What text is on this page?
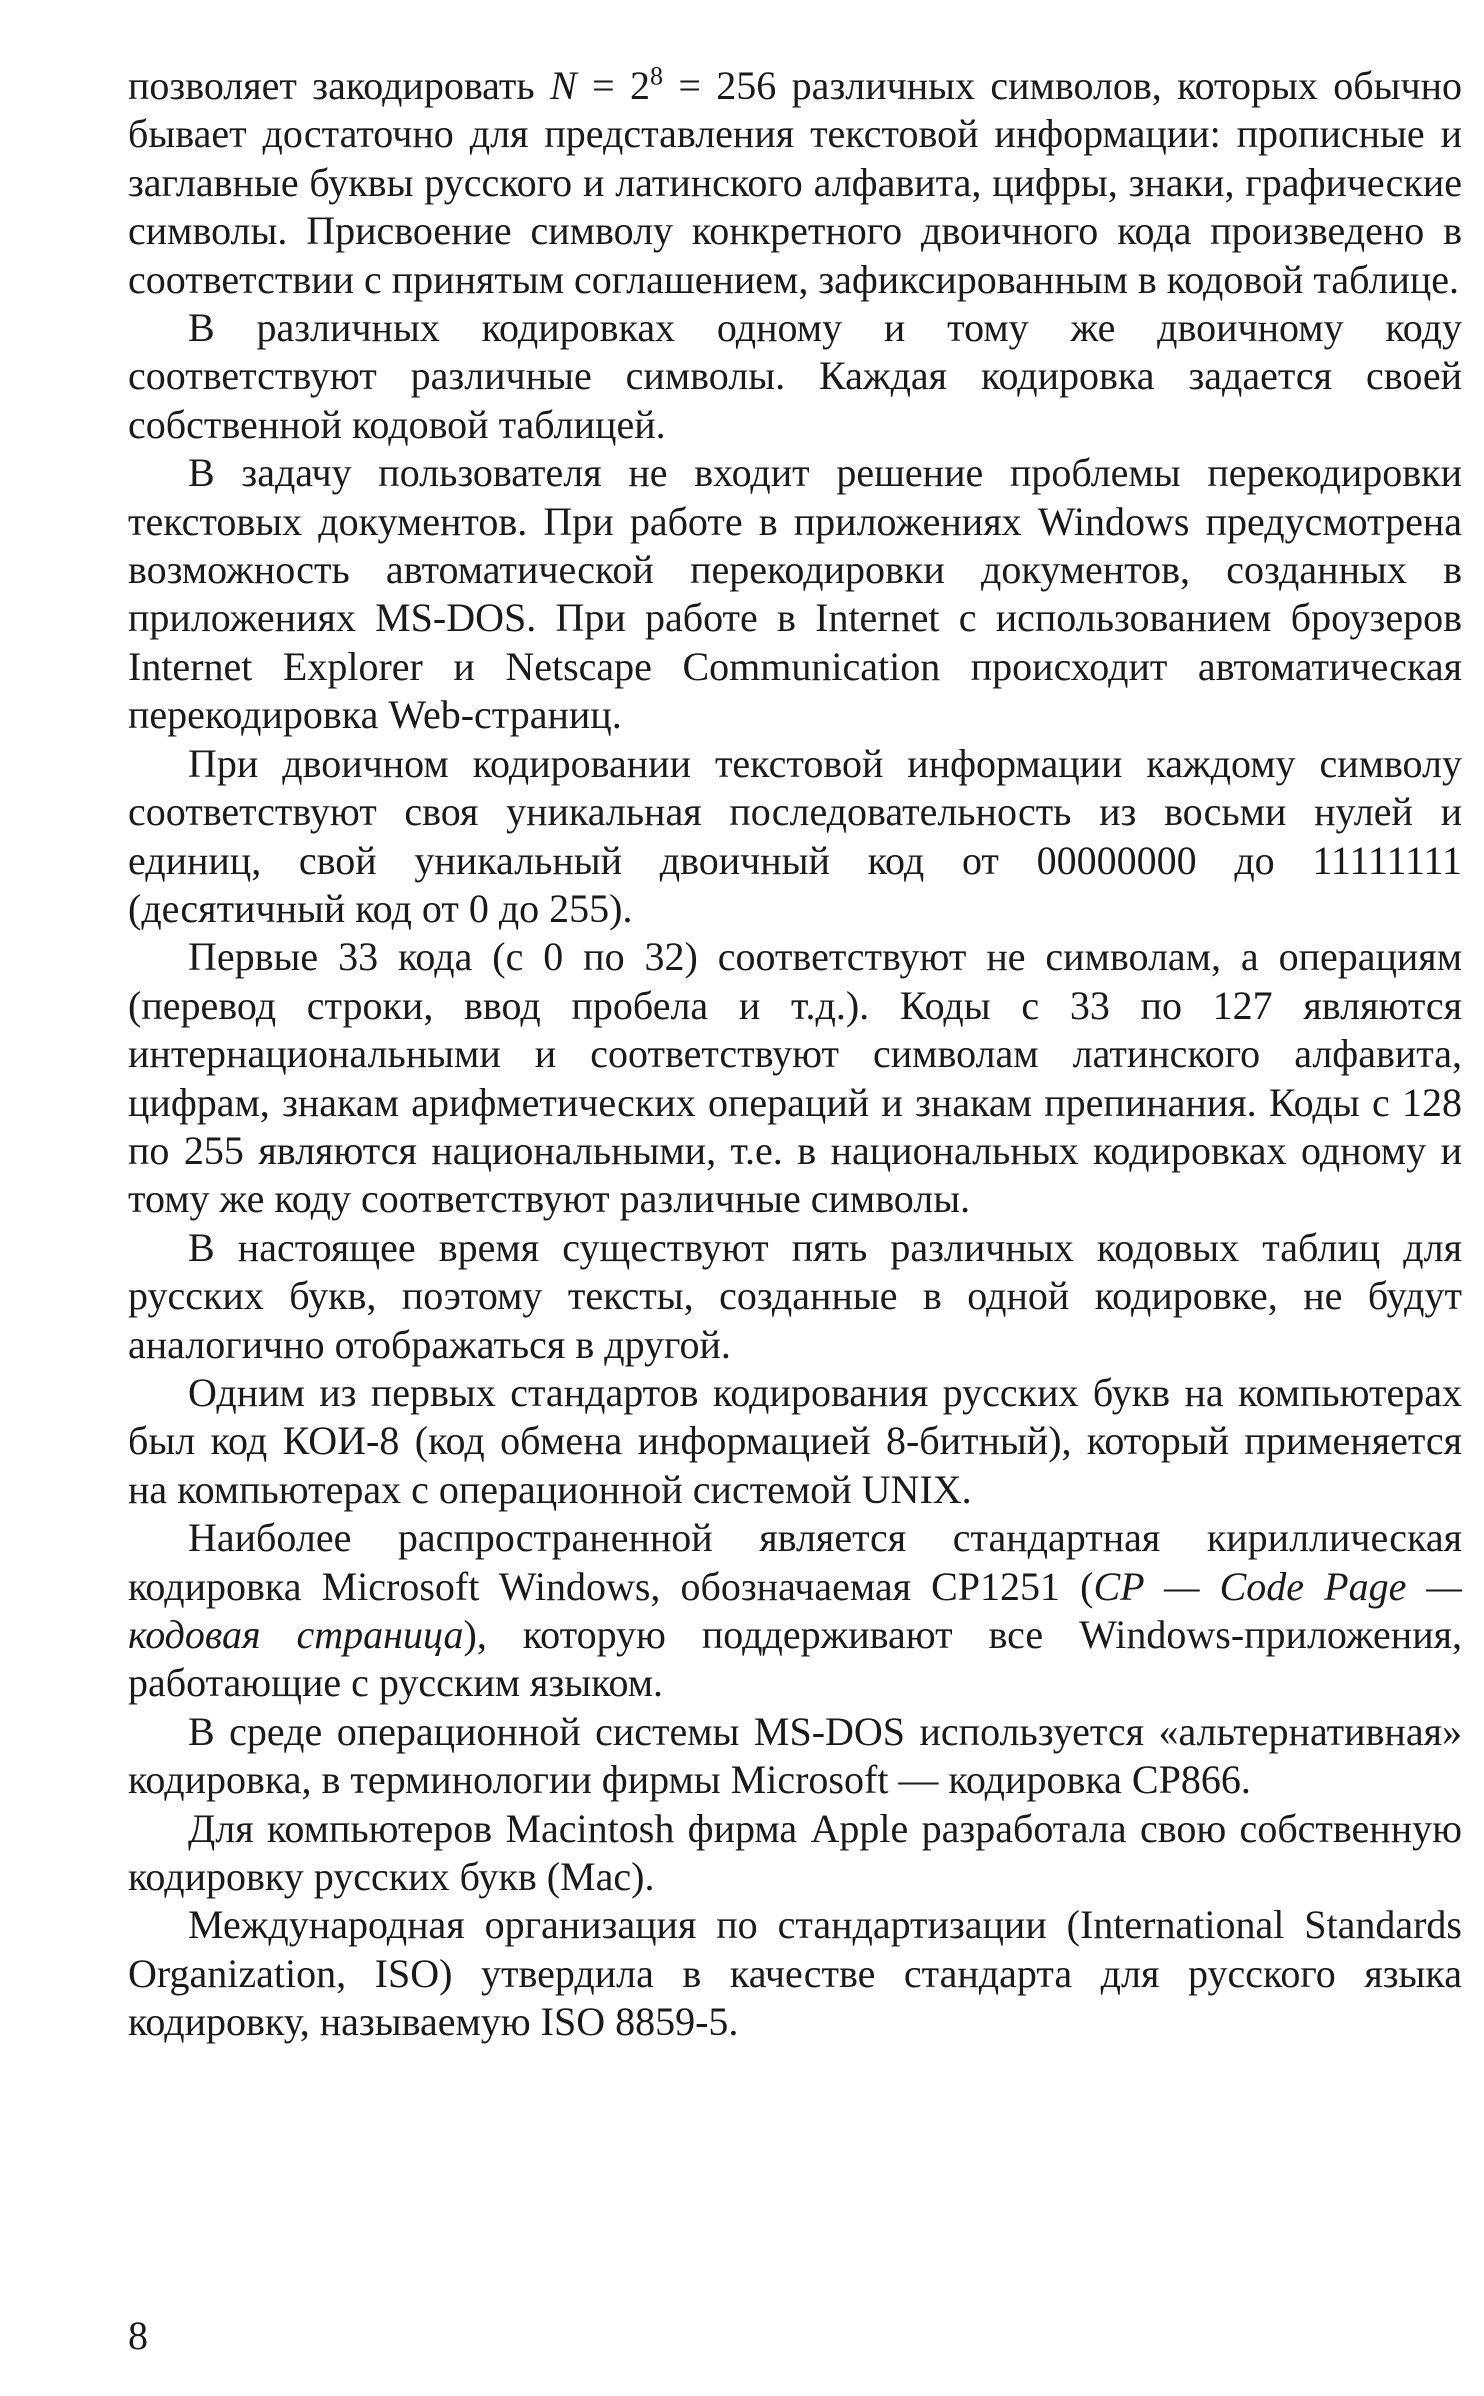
позволяет закодировать $N = 2^8 = 256$ различных символов, которых обычно бывает достаточно для представления текстовой информации: прописные и заглавные буквы русского и латинского алфавита, цифры, знаки, графические символы. Присвоение символу конкретного двоичного кода произведено в соответствии с принятым соглашением, зафиксированным в кодовой таблице.

В различных кодировках одному и тому же двоичному коду соответствуют различные символы. Каждая кодировка задается своей собственной кодовой таблицей.

В задачу пользователя не входит решение проблемы перекодировки текстовых документов. При работе в приложениях Windows предусмотрена возможность автоматической перекодировки документов, созданных в приложениях MS-DOS. При работе в Internet с использованием броузеров Internet Explorer и Netscape Communication происходит автоматическая перекодировка Web-страниц.

При двоичном кодировании текстовой информации каждому символу соответствуют своя уникальная последовательность из восьми нулей и единиц, свой уникальный двоичный код от 00000000 до 11111111 (десятичный код от 0 до 255).

Первые 33 кода (с 0 по 32) соответствуют не символам, а операциям (перевод строки, ввод пробела и т.д.). Коды с 33 по 127 являются интернациональными и соответствуют символам латинского алфавита, цифрам, знакам арифметических операций и знакам препинания. Коды с 128 по 255 являются национальными, т.е. в национальных кодировках одному и тому же коду соответствуют различные символы.

В настоящее время существуют пять различных кодовых таблиц для русских букв, поэтому тексты, созданные в одной кодировке, не будут аналогично отображаться в другой.

Одним из первых стандартов кодирования русских букв на компьютерах был код КОИ-8 (код обмена информацией 8-битный), который применяется на компьютерах с операционной системой UNIX.

Наиболее распространенной является стандартная кириллическая кодировка Microsoft Windows, обозначаемая CP1251 (CP — Code Page — кодовая страница), которую поддерживают все Windows-приложения, работающие с русским языком.

В среде операционной системы MS-DOS используется «альтернативная» кодировка, в терминологии фирмы Microsoft — кодировка CP866.

Для компьютеров Macintosh фирма Apple разработала свою собственную кодировку русских букв (Mac).

Международная организация по стандартизации (International Standards Organization, ISO) утвердила в качестве стандарта для русского языка кодировку, называемую ISO 8859-5.

8
